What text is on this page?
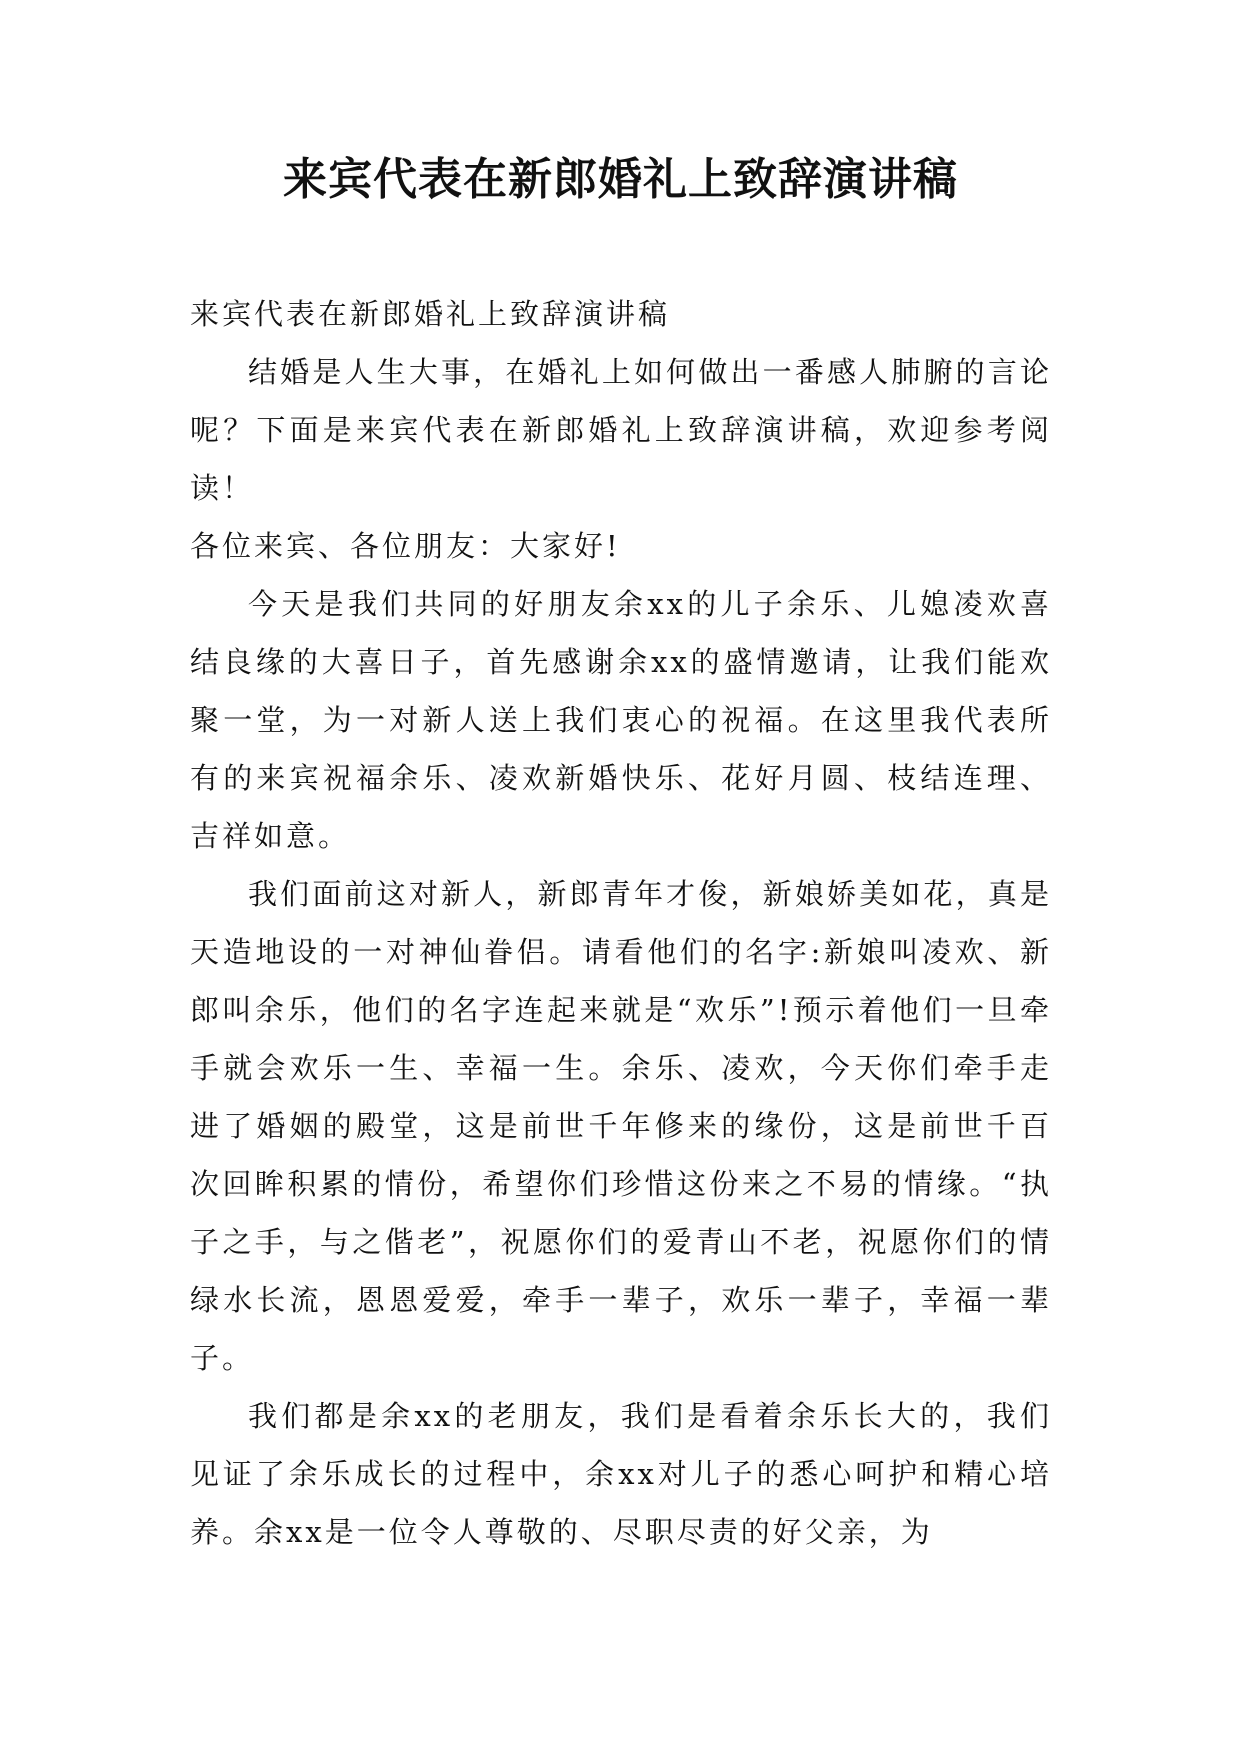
来宾代表在新郎婚礼上致辞演讲稿

来宾代表在新郎婚礼上致辞演讲稿

结婚是人生大事，在婚礼上如何做出一番感人肺腑的言论呢？下面是来宾代表在新郎婚礼上致辞演讲稿，欢迎参考阅读！

各位来宾、各位朋友：大家好!

今天是我们共同的好朋友余xx的儿子余乐、儿媳凌欢喜结良缘的大喜日子，首先感谢余xx的盛情邀请，让我们能欢聚一堂，为一对新人送上我们衷心的祝福。在这里我代表所有的来宾祝福余乐、凌欢新婚快乐、花好月圆、枝结连理、吉祥如意。

我们面前这对新人，新郎青年才俊，新娘娇美如花，真是天造地设的一对神仙眷侣。请看他们的名字:新娘叫凌欢、新郎叫余乐，他们的名字连起来就是“欢乐”!预示着他们一旦牵手就会欢乐一生、幸福一生。余乐、凌欢，今天你们牵手走进了婚姻的殿堂，这是前世千年修来的缘份，这是前世千百次回眸积累的情份，希望你们珍惜这份来之不易的情缘。“执子之手，与之偕老”，祝愿你们的爱青山不老，祝愿你们的情绿水长流，恩恩爱爱，牵手一辈子，欢乐一辈子，幸福一辈子。

我们都是余xx的老朋友，我们是看着余乐长大的，我们见证了余乐成长的过程中，余xx对儿子的悉心呵护和精心培养。余xx是一位令人尊敬的、尽职尽责的好父亲，为
